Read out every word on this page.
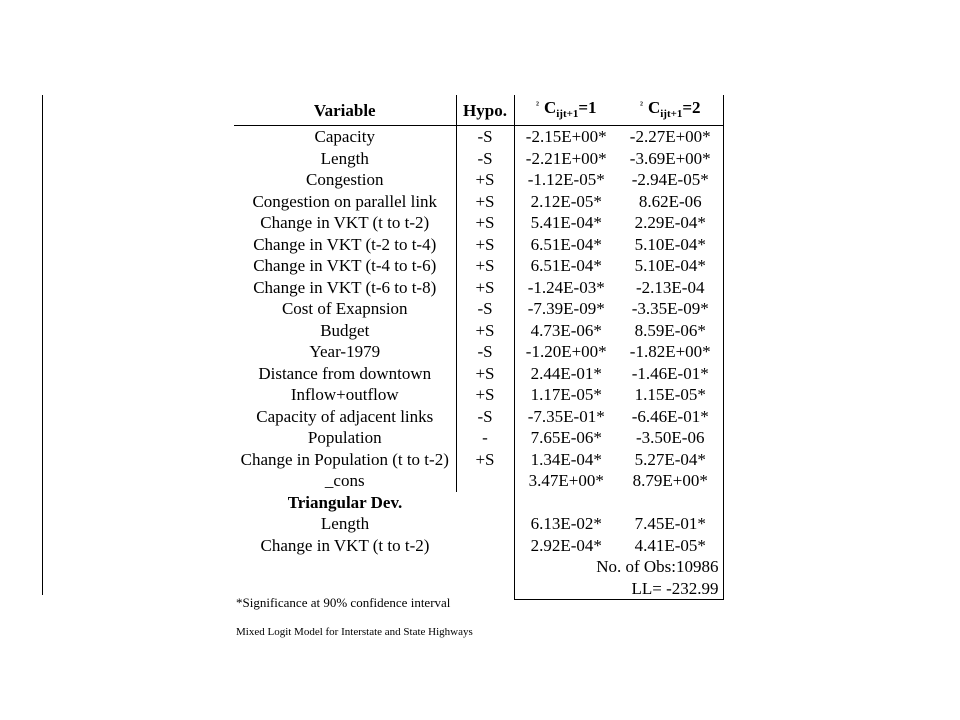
Variable	Hypo.	$^{^2}$ $C_{ijt+1}=1$	$^{^2}$ $C_{ijt+1}=2$
Capacity	-S	-2.15E+00*	-2.27E+00*
Length	-S	-2.21E+00*	-3.69E+00*
Congestion	+S	-1.12E-05*	-2.94E-05*
Congestion on parallel link	+S	2.12E-05*	8.62E-06
Change in VKT (t to t-2)	+S	5.41E-04*	2.29E-04*
Change in VKT (t-2 to t-4)	+S	6.51E-04*	5.10E-04*
Change in VKT (t-4 to t-6)	+S	6.51E-04*	5.10E-04*
Change in VKT (t-6 to t-8)	+S	-1.24E-03*	-2.13E-04
Cost of Exapnsion	-S	-7.39E-09*	-3.35E-09*
Budget	+S	4.73E-06*	8.59E-06*
Year-1979	-S	-1.20E+00*	-1.82E+00*
Distance from downtown	+S	2.44E-01*	-1.46E-01*
Inflow+outflow	+S	1.17E-05*	1.15E-05*
Capacity of adjacent links	-S	-7.35E-01*	-6.46E-01*
Population	-	7.65E-06*	-3.50E-06
Change in Population (t to t-2)	+S	1.34E-04*	5.27E-04*
_cons		3.47E+00*	8.79E+00*
Triangular Dev.			
Length		6.13E-02*	7.45E-01*
Change in VKT (t to t-2)		2.92E-04*	4.41E-05*
		No. of Obs:10986	
		LL= -232.99	
*Significance at 90% confidence interval
Mixed Logit Model for Interstate and State Highways
